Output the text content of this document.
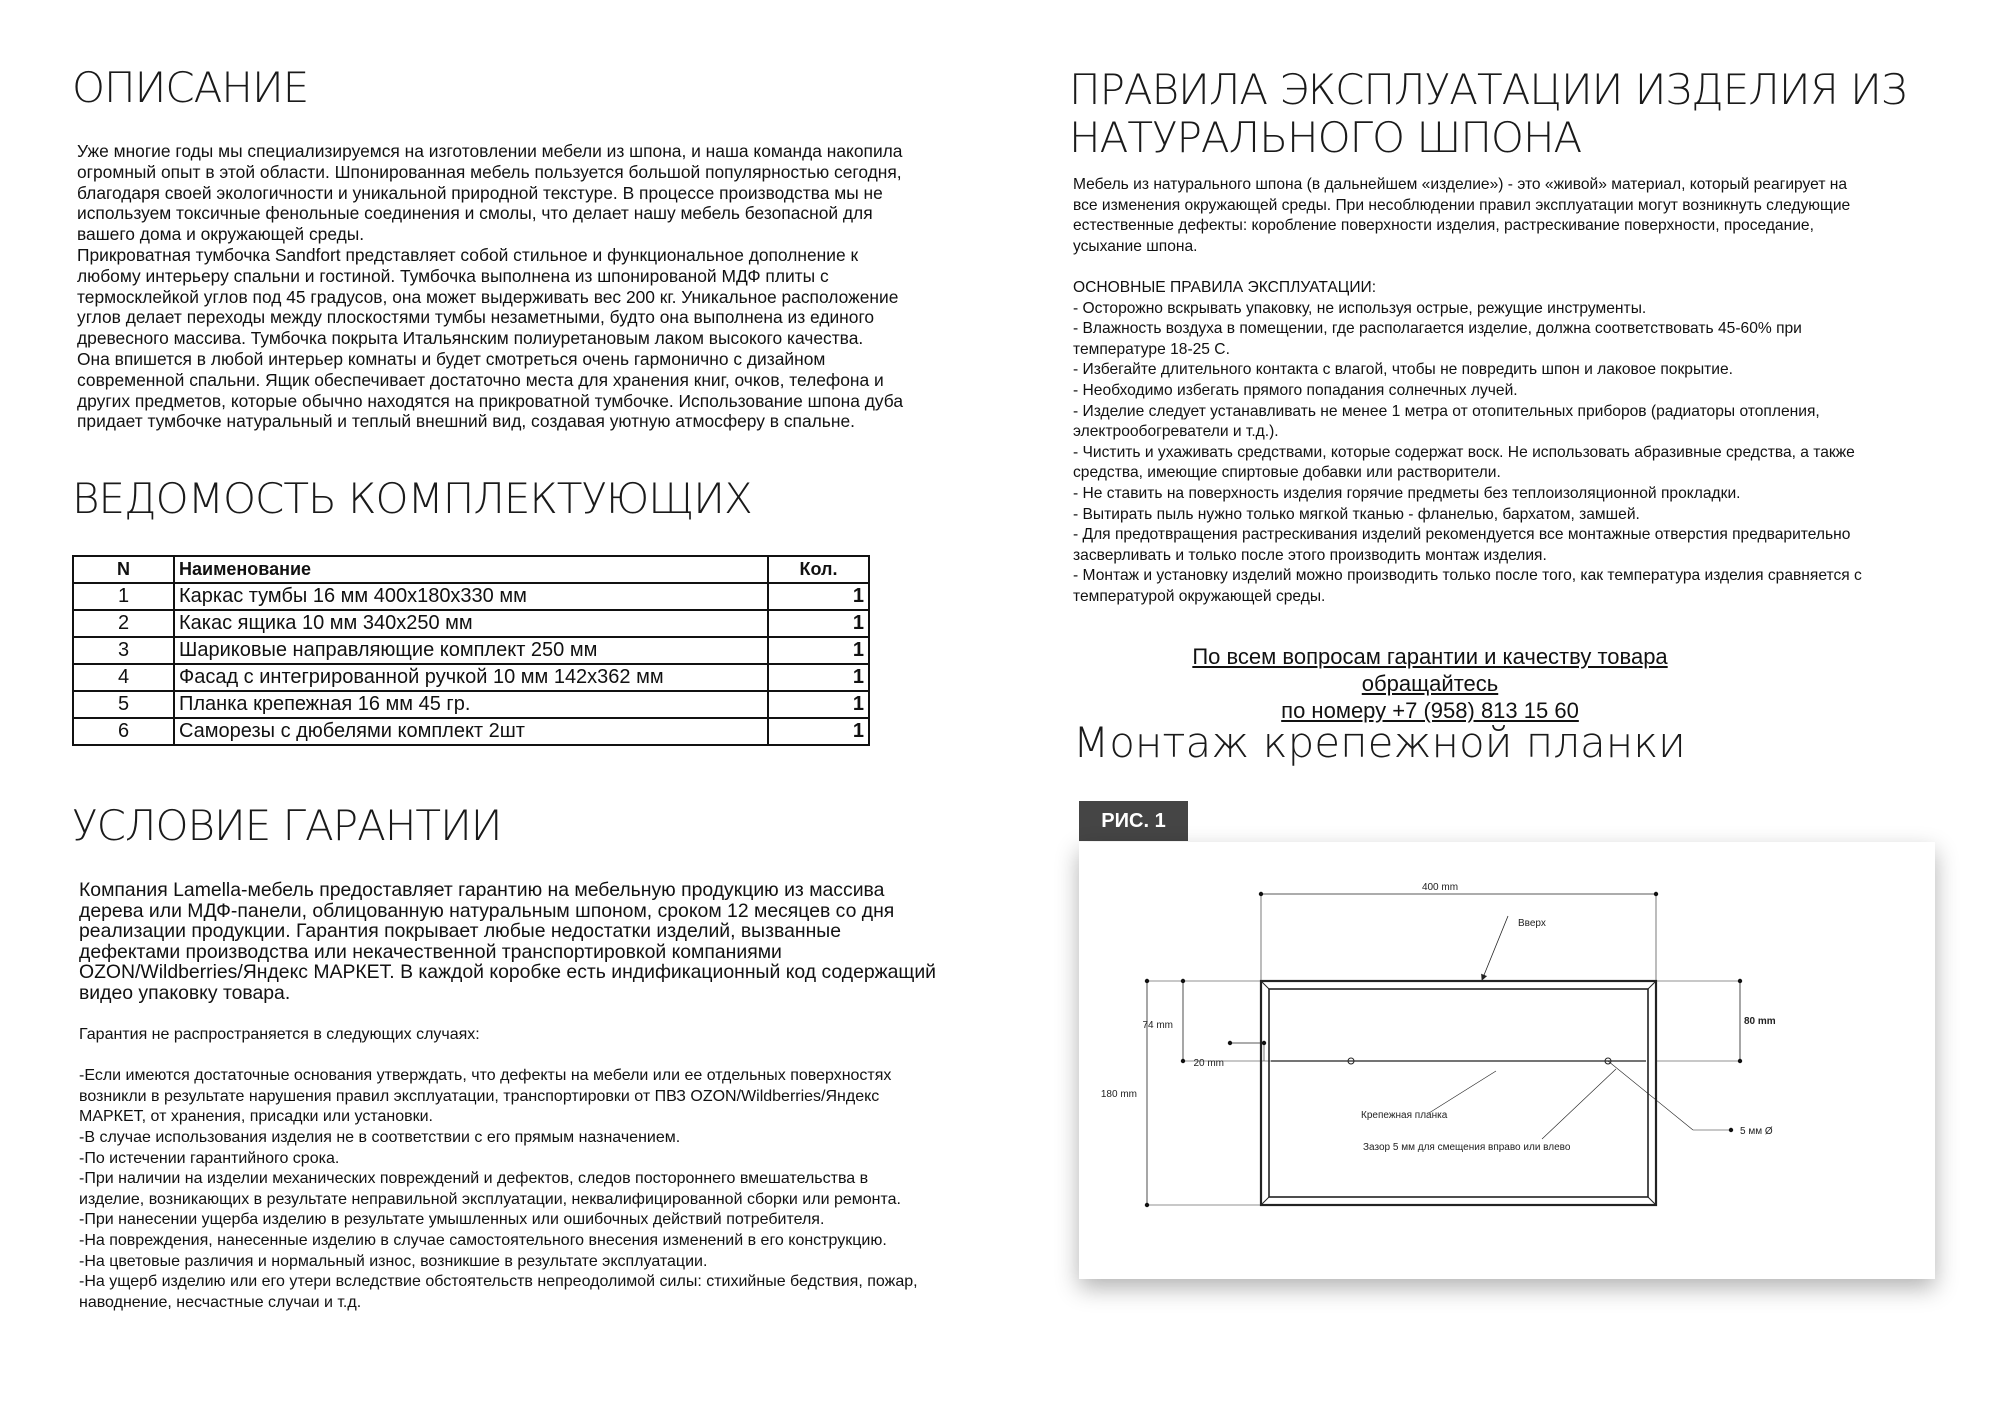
ОПИСАНИЕ

Уже многие годы мы специализируемся на изготовлении мебели из шпона, и наша команда накопила
огромный опыт в этой области. Шпонированная мебель пользуется большой популярностью сегодня,
благодаря своей экологичности и уникальной природной текстуре. В процессе производства мы не
используем токсичные фенольные соединения и смолы, что делает нашу мебель безопасной для
вашего дома и окружающей среды.
Прикроватная тумбочка Sandfort представляет собой стильное и функциональное дополнение к
любому интерьеру спальни и гостиной. Тумбочка выполнена из шпонированой МДФ плиты с
термосклейкой углов под 45 градусов, она может выдерживать вес 200 кг. Уникальное расположение
углов делает переходы между плоскостями тумбы незаметными, будто она выполнена из единого
древесного массива. Тумбочка покрыта Итальянским полиуретановым лаком высокого качества.
Она впишется в любой интерьер комнаты и будет смотреться очень гармонично с дизайном
современной спальни. Ящик обеспечивает достаточно места для хранения книг, очков, телефона и
других предметов, которые обычно находятся на прикроватной тумбочке. Использование шпона дуба
придает тумбочке натуральный и теплый внешний вид, создавая уютную атмосферу в спальне.

ВЕДОМОСТЬ КОМПЛЕКТУЮЩИХ
N	Наименование	Кол.
1	Каркас тумбы 16 мм 400х180х330 мм	1
2	Какас ящика 10 мм 340х250 мм	1
3	Шариковые направляющие комплект 250 мм	1
4	Фасад с интегрированной ручкой 10 мм 142х362 мм	1
5	Планка крепежная 16 мм 45 гр.	1
6	Саморезы с дюбелями комплект 2шт	1
УСЛОВИЕ ГАРАНТИИ

Компания Lamella-мебель предоставляет гарантию на мебельную продукцию из массива
дерева или МДФ-панели, облицованную натуральным шпоном, сроком 12 месяцев со дня
реализации продукции. Гарантия покрывает любые недостатки изделий, вызванные
дефектами производства или некачественной транспортировкой компаниями
OZON/Wildberries/Яндекс МАРКЕТ. В каждой коробке есть индификационный код содержащий
видео упаковку товара.

Гарантия не распространяется в следующих случаях:

-Если имеются достаточные основания утверждать, что дефекты на мебели или ее отдельных поверхностях
возникли в результате нарушения правил эксплуатации, транспортировки от ПВЗ OZON/Wildberries/Яндекс
МАРКЕТ, от хранения, присадки или установки.
-В случае использования изделия не в соответствии с его прямым назначением.
-По истечении гарантийного срока.
-При наличии на изделии механических повреждений и дефектов, следов постороннего вмешательства в
изделие, возникающих в результате неправильной эксплуатации, неквалифицированной сборки или ремонта.
-При нанесении ущерба изделию в результате умышленных или ошибочных действий потребителя.
-На повреждения, нанесенные изделию в случае самостоятельного внесения изменений в его конструкцию.
-На цветовые различия и нормальный износ, возникшие в результате эксплуатации.
-На ущерб изделию или его утери вследствие обстоятельств непреодолимой силы: стихийные бедствия, пожар,
наводнение, несчастные случаи и т.д.

ПРАВИЛА ЭКСПЛУАТАЦИИ ИЗДЕЛИЯ ИЗ
НАТУРАЛЬНОГО ШПОНА

Мебель из натурального шпона (в дальнейшем «изделие») - это «живой» материал, который реагирует на
все изменения окружающей среды. При несоблюдении правил эксплуатации могут возникнуть следующие
естественные дефекты: коробление поверхности изделия, растрескивание поверхности, проседание,
усыхание шпона.

ОСНОВНЫЕ ПРАВИЛА ЭКСПЛУАТАЦИИ:
- Осторожно вскрывать упаковку, не используя острые, режущие инструменты.
- Влажность воздуха в помещении, где располагается изделие, должна соответствовать 45-60% при
температуре 18-25 С.
- Избегайте длительного контакта с влагой, чтобы не повредить шпон и лаковое покрытие.
- Необходимо избегать прямого попадания солнечных лучей.
- Изделие следует устанавливать не менее 1 метра от отопительных приборов (радиаторы отопления,
электрообогреватели и т.д.).
- Чистить и ухаживать средствами, которые содержат воск. Не использовать абразивные средства, а также
средства, имеющие спиртовые добавки или растворители.
- Не ставить на поверхность изделия горячие предметы без теплоизоляционной прокладки.
- Вытирать пыль нужно только мягкой тканью - фланелью, бархатом, замшей.
- Для предотвращения растрескивания изделий рекомендуется все монтажные отверстия предварительно
засверливать и только после этого производить монтаж изделия.
- Монтаж и установку изделий можно производить только после того, как температура изделия сравняется с
температурой окружающей среды.

По всем вопросам гарантии и качеству товара обращайтесь
по номеру +7 (958) 813 15 60

Монтаж крепежной планки
РИС. 1
400 mm
Вверх
74 mm	80 mm
20 mm
180 mm
Крепежная планка
5 мм Ø
Зазор 5 мм для смещения вправо или влево
